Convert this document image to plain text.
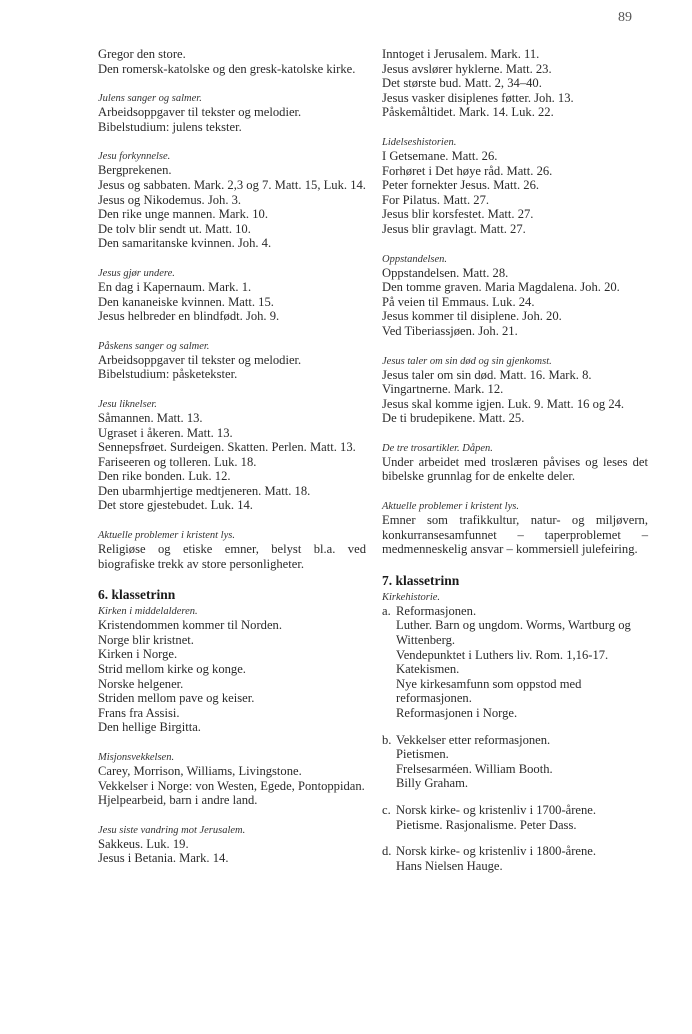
89

Gregor den store.

Den romersk-katolske og den gresk-katolske kirke.

Julens sanger og salmer.

Arbeidsoppgaver til tekster og melodier.

Bibelstudium: julens tekster.

Jesu forkynnelse.

Bergprekenen.

Jesus og sabbaten. Mark. 2,3 og 7. Matt. 15, Luk. 14.

Jesus og Nikodemus. Joh. 3.

Den rike unge mannen. Mark. 10.

De tolv blir sendt ut. Matt. 10.

Den samaritanske kvinnen. Joh. 4.

Jesus gjør undere.

En dag i Kapernaum. Mark. 1.

Den kananeiske kvinnen. Matt. 15.

Jesus helbreder en blindfødt. Joh. 9.

Påskens sanger og salmer.

Arbeidsoppgaver til tekster og melodier.

Bibelstudium: påsketekster.

Jesu liknelser.

Såmannen. Matt. 13.

Ugraset i åkeren. Matt. 13.

Sennepsfrøet. Surdeigen. Skatten. Perlen. Matt. 13.

Fariseeren og tolleren. Luk. 18.

Den rike bonden. Luk. 12.

Den ubarmhjertige medtjeneren. Matt. 18.

Det store gjestebudet. Luk. 14.

Aktuelle problemer i kristent lys.

Religiøse og etiske emner, belyst bl.a. ved biografiske trekk av store personligheter.

6. klassetrinn

Kirken i middelalderen.

Kristendommen kommer til Norden.

Norge blir kristnet.

Kirken i Norge.

Strid mellom kirke og konge.

Norske helgener.

Striden mellom pave og keiser.

Frans fra Assisi.

Den hellige Birgitta.

Misjonsvekkelsen.

Carey, Morrison, Williams, Livingstone.

Vekkelser i Norge: von Westen, Egede, Pontoppidan.

Hjelpearbeid, barn i andre land.

Jesu siste vandring mot Jerusalem.

Sakkeus. Luk. 19.

Jesus i Betania. Mark. 14.

Inntoget i Jerusalem. Mark. 11.

Jesus avslører hyklerne. Matt. 23.

Det største bud. Matt. 2, 34–40.

Jesus vasker disiplenes føtter. Joh. 13.

Påskemåltidet. Mark. 14. Luk. 22.

Lidelseshistorien.

I Getsemane. Matt. 26.

Forhøret i Det høye råd. Matt. 26.

Peter fornekter Jesus. Matt. 26.

For Pilatus. Matt. 27.

Jesus blir korsfestet. Matt. 27.

Jesus blir gravlagt. Matt. 27.

Oppstandelsen.

Oppstandelsen. Matt. 28.

Den tomme graven. Maria Magdalena. Joh. 20.

På veien til Emmaus. Luk. 24.

Jesus kommer til disiplene. Joh. 20.

Ved Tiberiassjøen. Joh. 21.

Jesus taler om sin død og sin gjenkomst.

Jesus taler om sin død. Matt. 16. Mark. 8.

Vingartnerne. Mark. 12.

Jesus skal komme igjen. Luk. 9. Matt. 16 og 24.

De ti brudepikene. Matt. 25.

De tre trosartikler. Dåpen.

Under arbeidet med troslæren påvises og leses det bibelske grunnlag for de enkelte deler.

Aktuelle problemer i kristent lys.

Emner som trafikkultur, natur- og miljøvern, konkurransesamfunnet – taperproblemet – medmenneskelig ansvar – kommersiell julefeiring.

7. klassetrinn

Kirkehistorie.

a. Reformasjonen.

Luther. Barn og ungdom. Worms, Wartburg og Wittenberg.

Vendepunktet i Luthers liv. Rom. 1,16-17.

Katekismen.

Nye kirkesamfunn som oppstod med reformasjonen.

Reformasjonen i Norge.

b. Vekkelser etter reformasjonen.

Pietismen.

Frelsesarméen. William Booth.

Billy Graham.

c. Norsk kirke- og kristenliv i 1700-årene.

Pietisme. Rasjonalisme. Peter Dass.

d. Norsk kirke- og kristenliv i 1800-årene.

Hans Nielsen Hauge.
